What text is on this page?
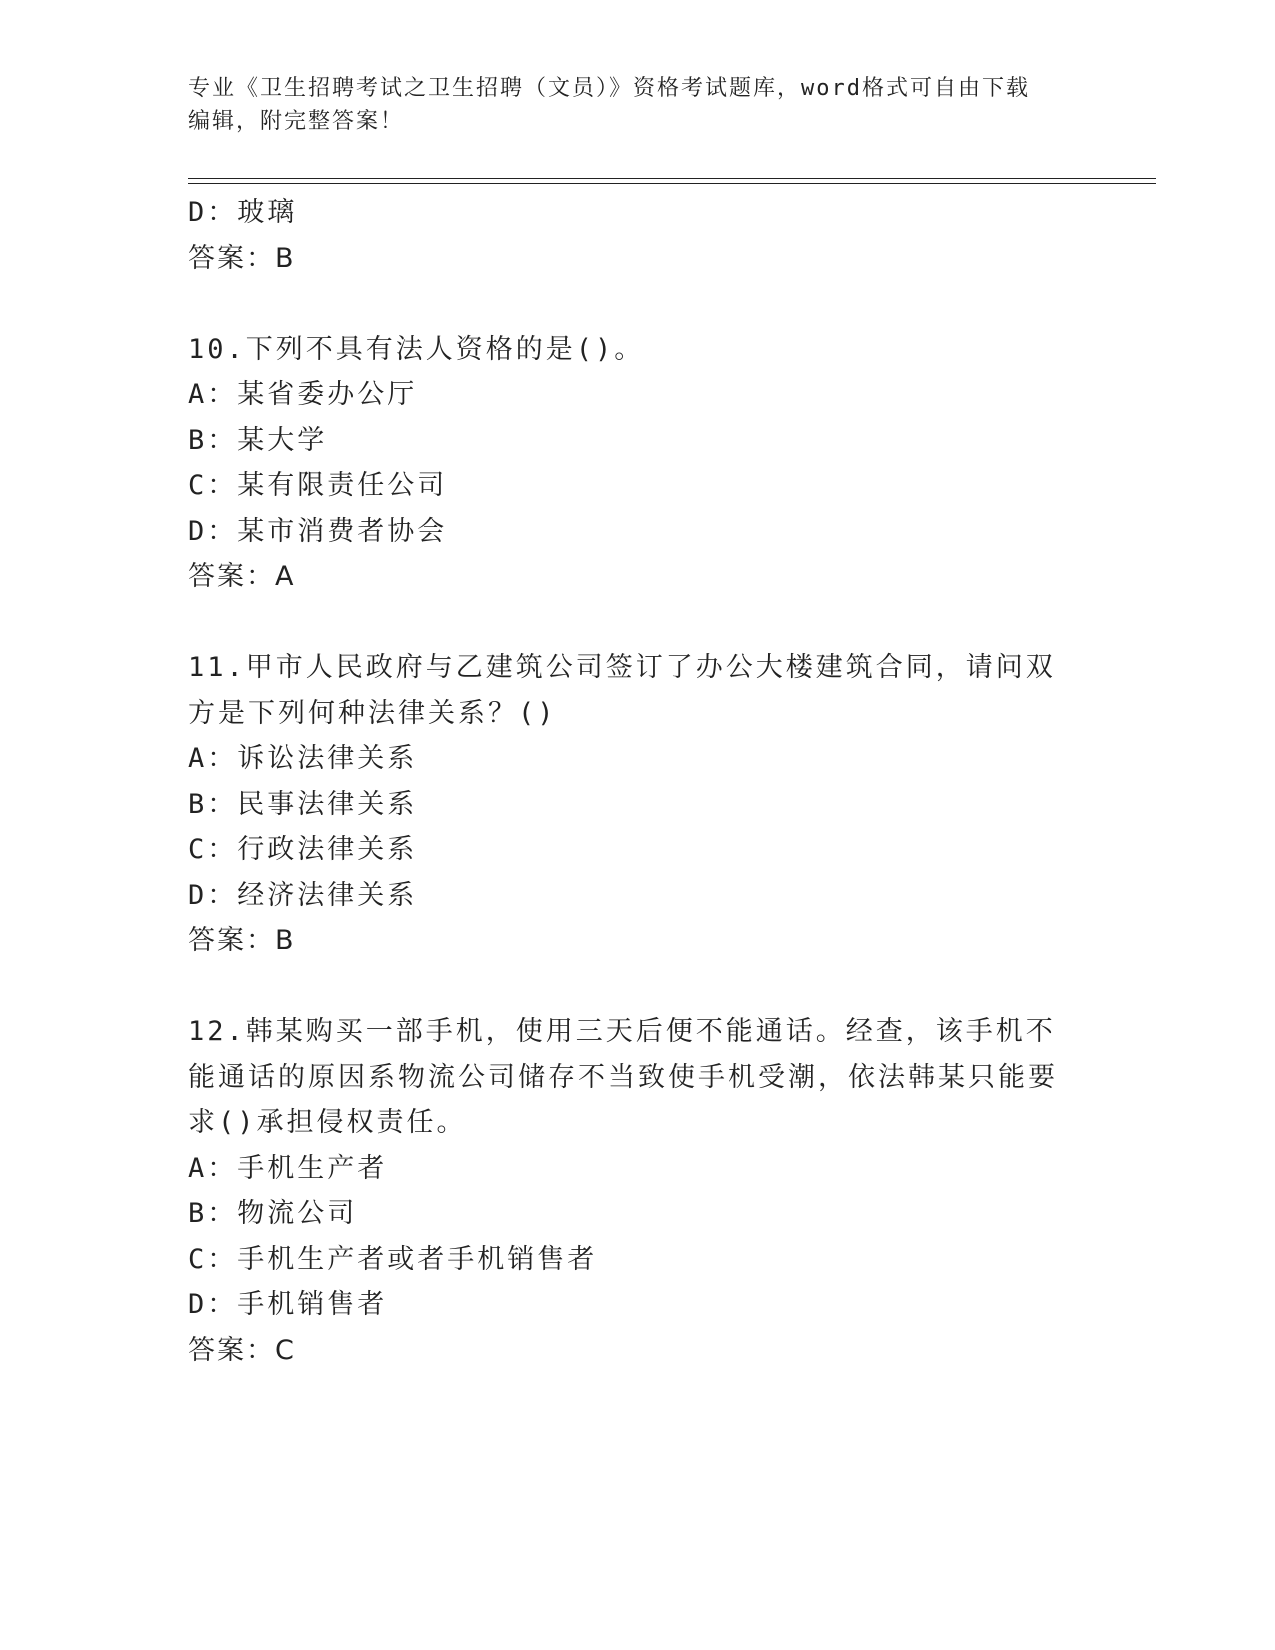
专业《卫生招聘考试之卫生招聘（文员）》资格考试题库，word格式可自由下载
编辑，附完整答案！
D：玻璃
答案：B
10.下列不具有法人资格的是()。
A：某省委办公厅
B：某大学
C：某有限责任公司
D：某市消费者协会
答案：A
11.甲市人民政府与乙建筑公司签订了办公大楼建筑合同，请问双方是下列何种法律关系？()
A：诉讼法律关系
B：民事法律关系
C：行政法律关系
D：经济法律关系
答案：B
12.韩某购买一部手机，使用三天后便不能通话。经查，该手机不能通话的原因系物流公司储存不当致使手机受潮，依法韩某只能要求()承担侵权责任。
A：手机生产者
B：物流公司
C：手机生产者或者手机销售者
D：手机销售者
答案：C
